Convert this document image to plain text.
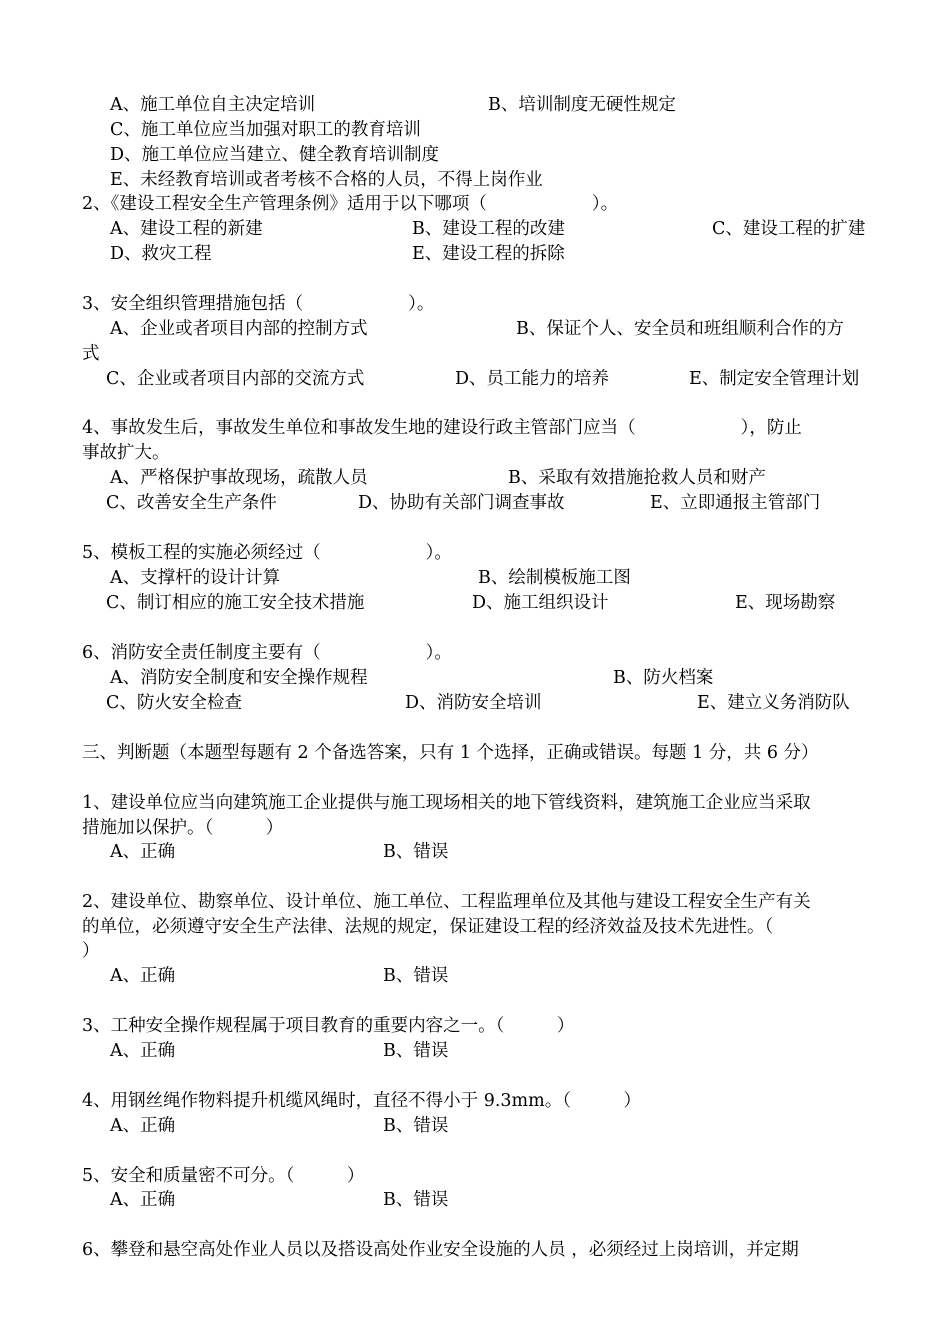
A、施工单位自主决定培训	B、培训制度无硬性规定
C、施工单位应当加强对职工的教育培训
D、施工单位应当建立、健全教育培训制度
E、未经教育培训或者考核不合格的人员，不得上岗作业
2、《建设工程安全生产管理条例》适用于以下哪项（　　　　　　）。
A、建设工程的新建	B、建设工程的改建	C、建设工程的扩建
D、救灾工程	E、建设工程的拆除
3、安全组织管理措施包括（　　　　　　）。
A、企业或者项目内部的控制方式	B、保证个人、安全员和班组顺利合作的方
式
C、企业或者项目内部的交流方式	D、员工能力的培养	E、制定安全管理计划
4、事故发生后，事故发生单位和事故发生地的建设行政主管部门应当（　　　　　　），防止
事故扩大。
A、严格保护事故现场，疏散人员	B、采取有效措施抢救人员和财产
C、改善安全生产条件	D、协助有关部门调查事故	E、立即通报主管部门
5、模板工程的实施必须经过（　　　　　　）。
A、支撑杆的设计计算	B、绘制模板施工图
C、制订相应的施工安全技术措施	D、施工组织设计	E、现场勘察
6、消防安全责任制度主要有（　　　　　　）。
A、消防安全制度和安全操作规程	B、防火档案
C、防火安全检查	D、消防安全培训	E、建立义务消防队
三、判断题（本题型每题有 2 个备选答案，只有 1 个选择，正确或错误。每题 1 分，共 6 分）
1、建设单位应当向建筑施工企业提供与施工现场相关的地下管线资料，建筑施工企业应当采取
措施加以保护。（　　　）
A、正确	B、错误
2、建设单位、勘察单位、设计单位、施工单位、工程监理单位及其他与建设工程安全生产有关
的单位，必须遵守安全生产法律、法规的规定，保证建设工程的经济效益及技术先进性。（
）
A、正确	B、错误
3、工种安全操作规程属于项目教育的重要内容之一。（　　　）
A、正确	B、错误
4、用钢丝绳作物料提升机缆风绳时，直径不得小于 9.3mm。（　　　）
A、正确	B、错误
5、安全和质量密不可分。（　　　）
A、正确	B、错误
6、攀登和悬空高处作业人员以及搭设高处作业安全设施的人员 ，必须经过上岗培训，并定期
